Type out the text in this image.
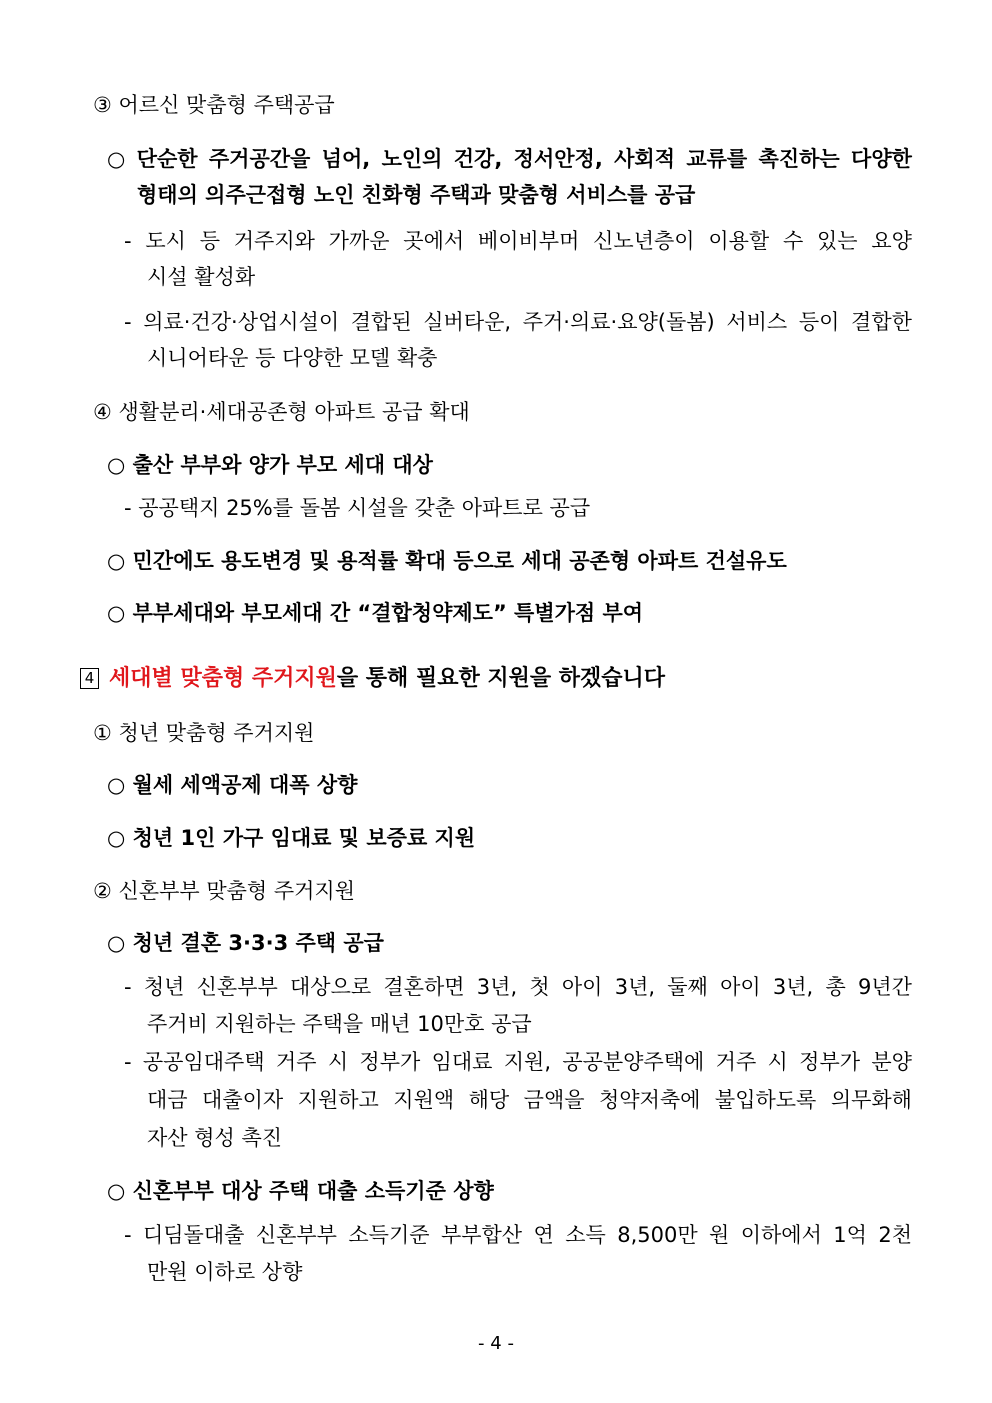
③ 어르신 맞춤형 주택공급
○ 단순한 주거공간을 넘어, 노인의 건강, 정서안정, 사회적 교류를 촉진하는 다양한
형태의 의주근접형 노인 친화형 주택과 맞춤형 서비스를 공급
- 도시 등 거주지와 가까운 곳에서 베이비부머 신노년층이 이용할 수 있는 요양
시설 활성화
- 의료·건강·상업시설이 결합된 실버타운, 주거·의료·요양(돌봄) 서비스 등이 결합한
시니어타운 등 다양한 모델 확충
④ 생활분리·세대공존형 아파트 공급 확대
○ 출산 부부와 양가 부모 세대 대상
- 공공택지 25%를 돌봄 시설을 갖춘 아파트로 공급
○ 민간에도 용도변경 및 용적률 확대 등으로 세대 공존형 아파트 건설유도
○ 부부세대와 부모세대 간 “결합청약제도” 특별가점 부여
4 세대별 맞춤형 주거지원을 통해 필요한 지원을 하겠습니다
① 청년 맞춤형 주거지원
○ 월세 세액공제 대폭 상향
○ 청년 1인 가구 임대료 및 보증료 지원
② 신혼부부 맞춤형 주거지원
○ 청년 결혼 3·3·3 주택 공급
- 청년 신혼부부 대상으로 결혼하면 3년, 첫 아이 3년, 둘째 아이 3년, 총 9년간
주거비 지원하는 주택을 매년 10만호 공급
- 공공임대주택 거주 시 정부가 임대료 지원, 공공분양주택에 거주 시 정부가 분양
대금 대출이자 지원하고 지원액 해당 금액을 청약저축에 불입하도록 의무화해
자산 형성 촉진
○ 신혼부부 대상 주택 대출 소득기준 상향
- 디딤돌대출 신혼부부 소득기준 부부합산 연 소득 8,500만 원 이하에서 1억 2천
만원 이하로 상향
- 4 -
